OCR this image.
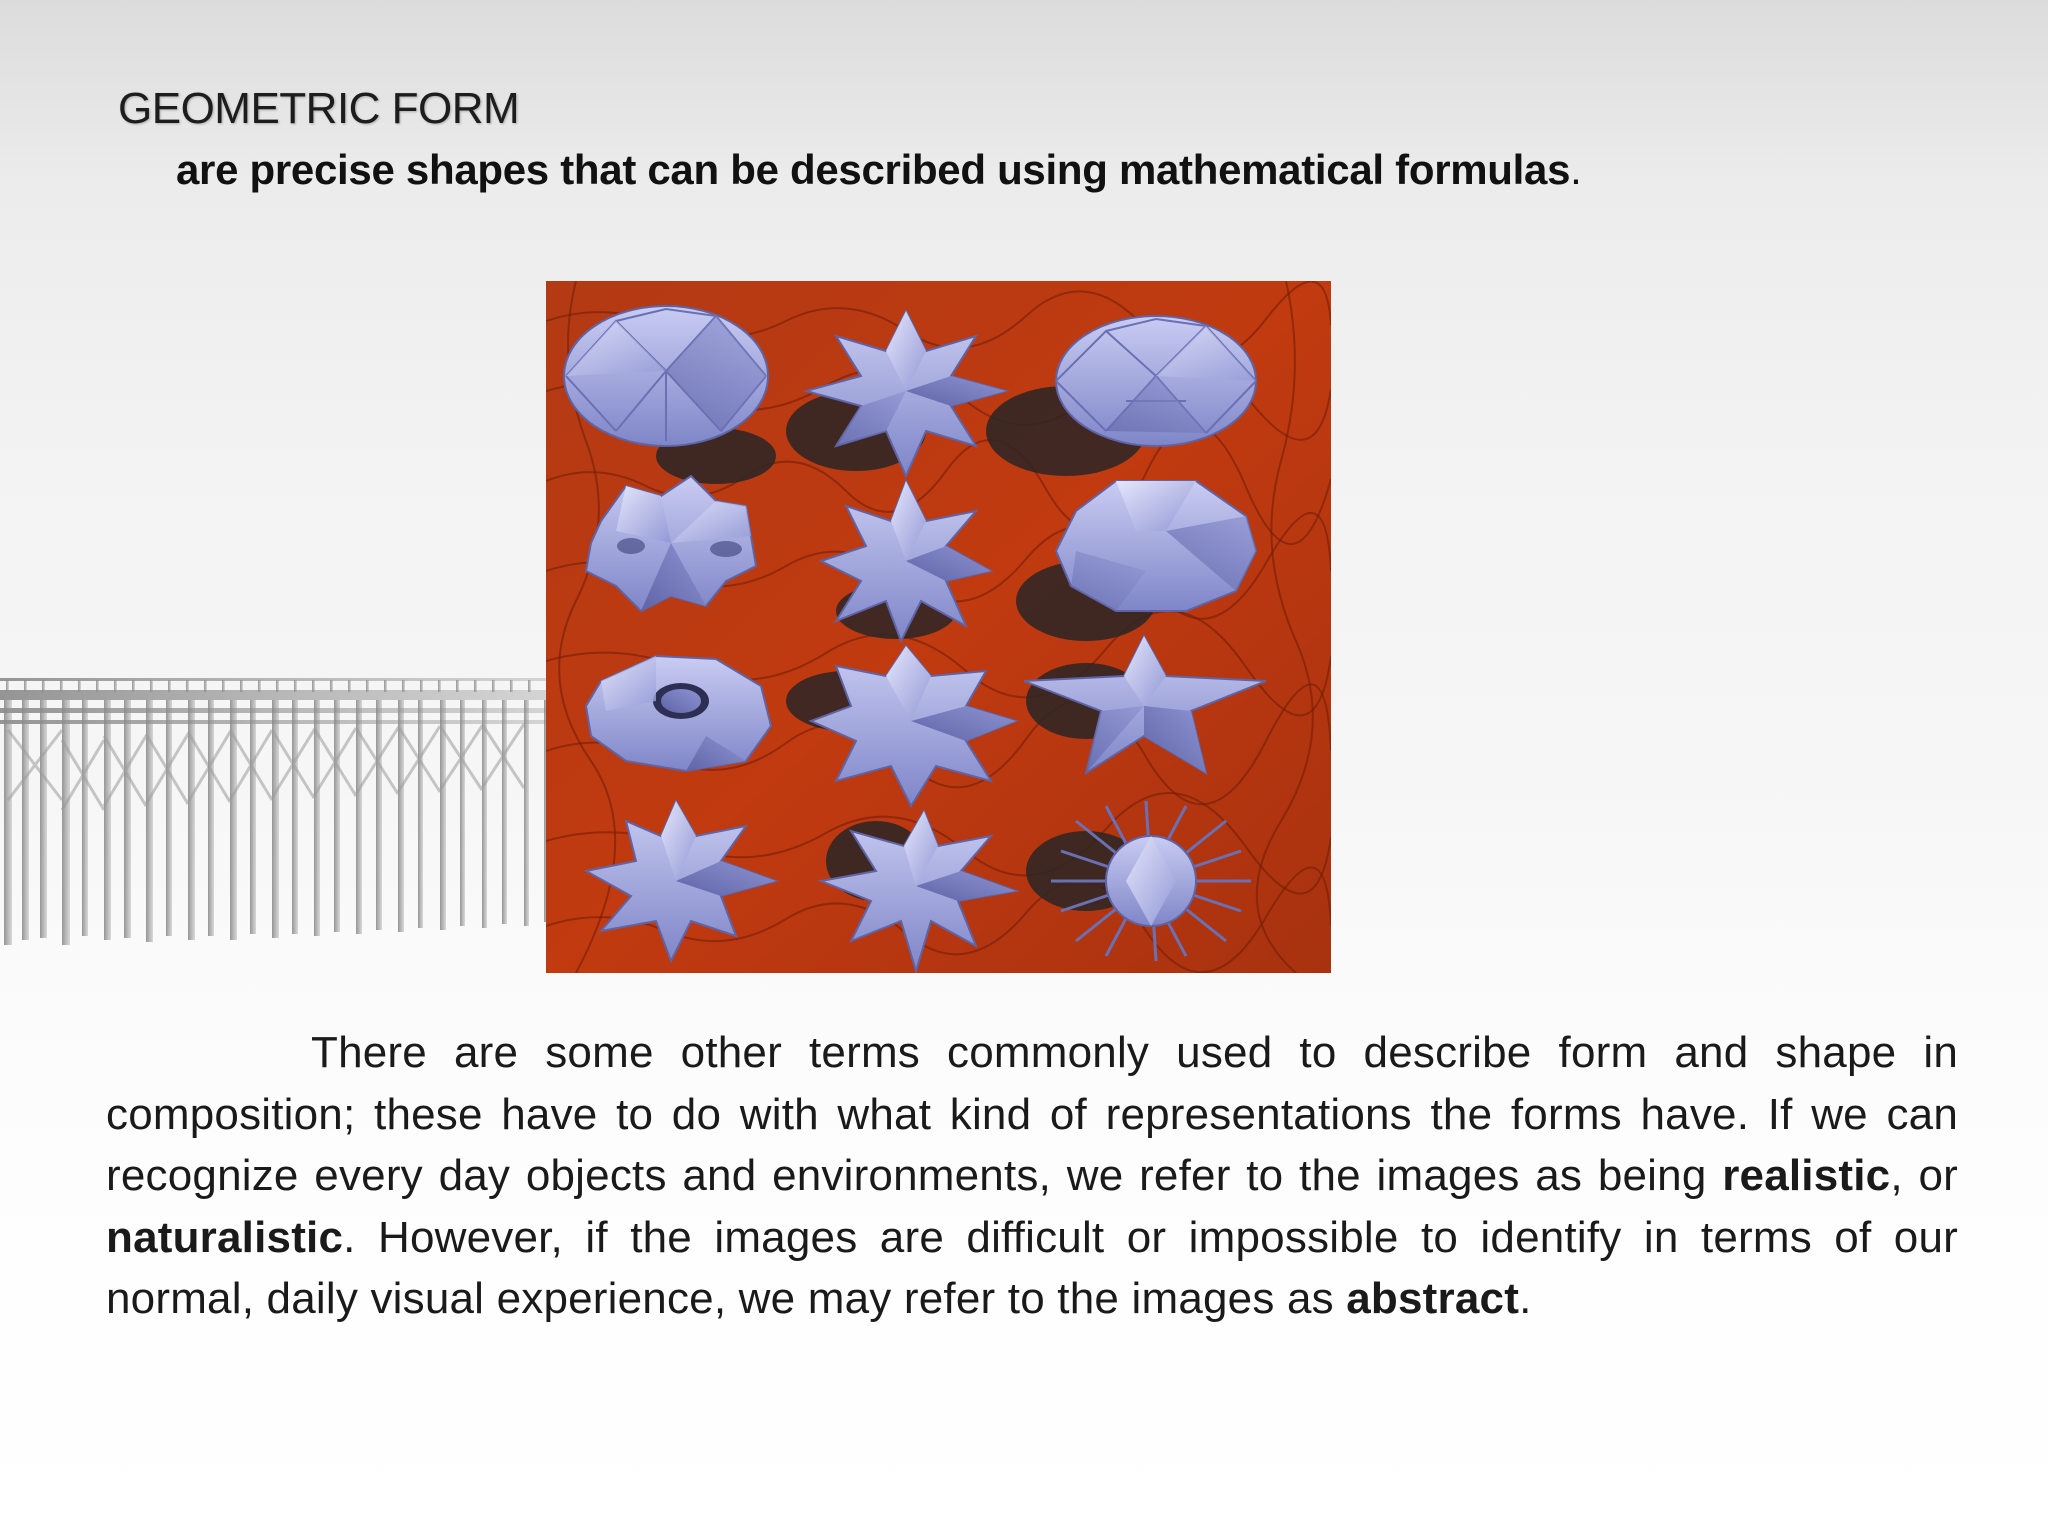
GEOMETRIC FORM

are precise shapes that can be described using mathematical formulas.

There are some other terms commonly used to describe form and shape in composition; these have to do with what kind of representations the forms have. If we can recognize every day objects and environments, we refer to the images as being realistic, or naturalistic. However, if the images are difficult or impossible to identify in terms of our normal, daily visual experience, we may refer to the images as abstract.
